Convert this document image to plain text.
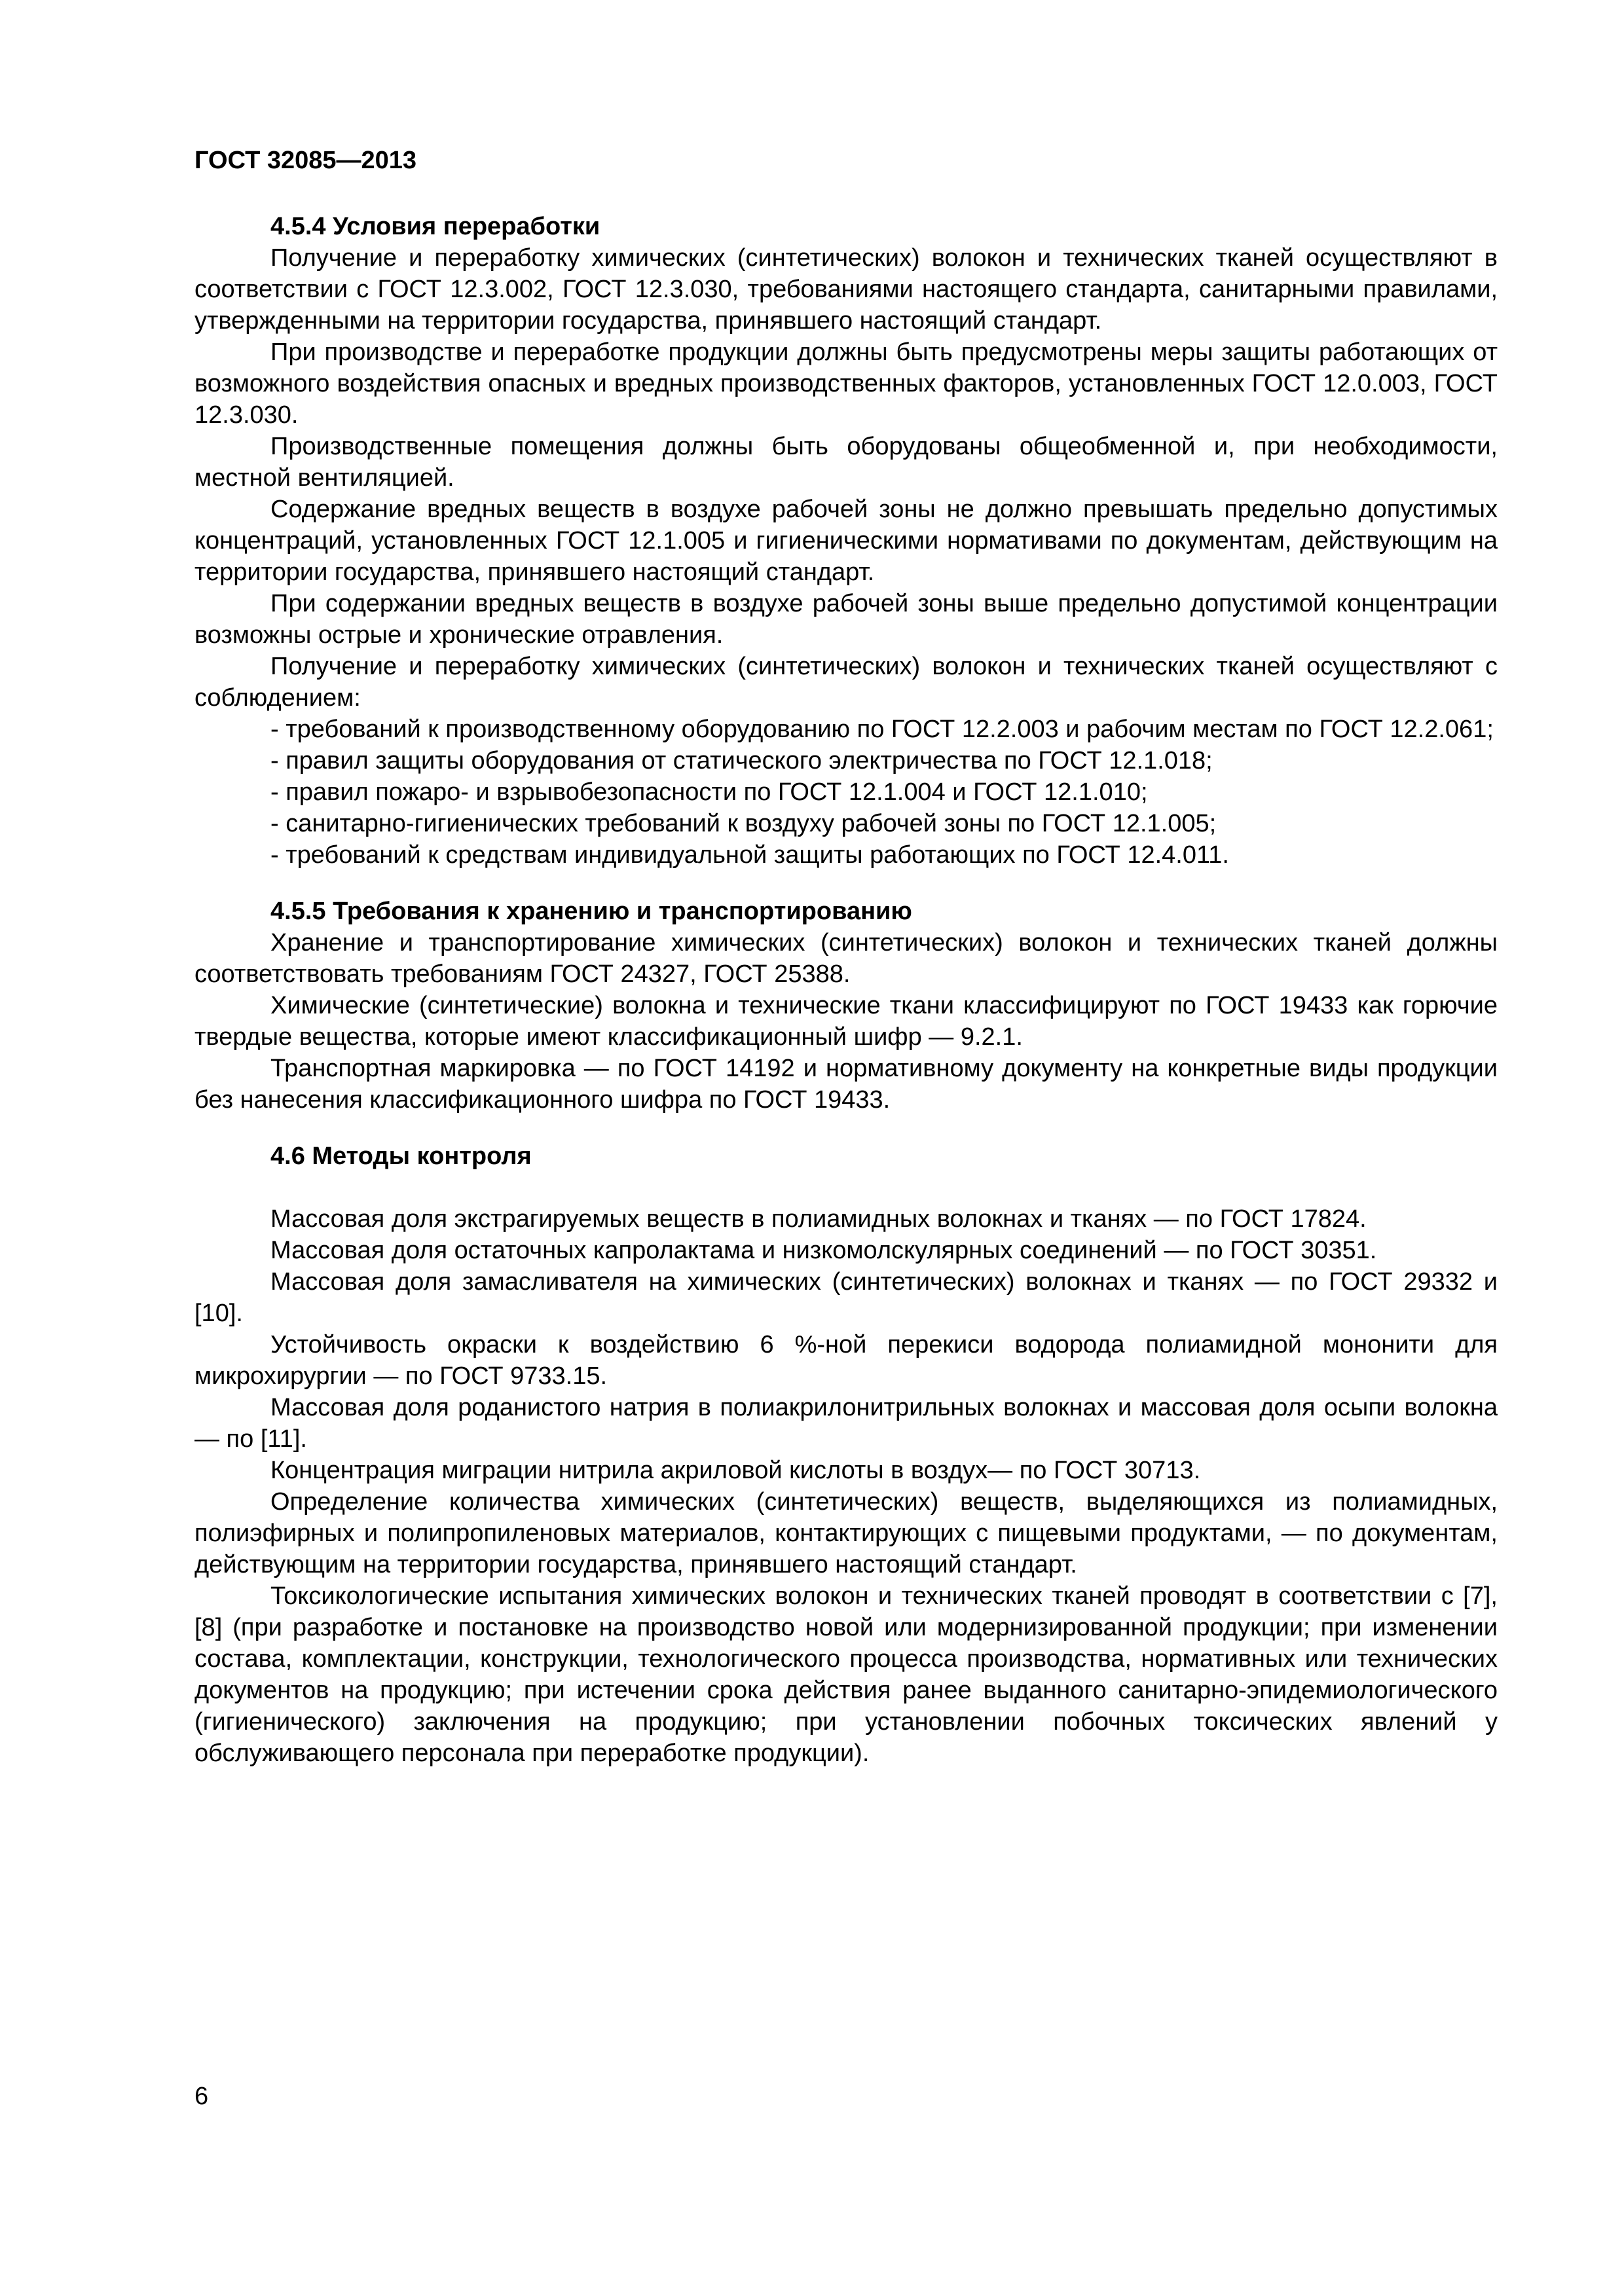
ГОСТ 32085—2013
4.5.4 Условия переработки

Получение и переработку химических (синтетических) волокон и технических тканей осуществляют в соответствии с ГОСТ 12.3.002, ГОСТ 12.3.030, требованиями настоящего стандарта, санитарными правилами, утвержденными на территории государства, принявшего настоящий стандарт.

При производстве и переработке продукции должны быть предусмотрены меры защиты работающих от возможного воздействия опасных и вредных производственных факторов, установленных ГОСТ 12.0.003, ГОСТ 12.3.030.

Производственные помещения должны быть оборудованы общеобменной и, при необходимости, местной вентиляцией.

Содержание вредных веществ в воздухе рабочей зоны не должно превышать предельно допустимых концентраций, установленных ГОСТ 12.1.005 и гигиеническими нормативами по документам, действующим на территории государства, принявшего настоящий стандарт.

При содержании вредных веществ в воздухе рабочей зоны выше предельно допустимой концентрации возможны острые и хронические отравления.

Получение и переработку химических (синтетических) волокон и технических тканей осуществляют с соблюдением:

- требований к производственному оборудованию по ГОСТ 12.2.003 и рабочим местам по ГОСТ 12.2.061;

- правил защиты оборудования от статического электричества по ГОСТ 12.1.018;

- правил пожаро- и взрывобезопасности по ГОСТ 12.1.004 и ГОСТ 12.1.010;

- санитарно-гигиенических требований к воздуху рабочей зоны по ГОСТ 12.1.005;

- требований к средствам индивидуальной защиты работающих по ГОСТ 12.4.011.

4.5.5 Требования к хранению и транспортированию

Хранение и транспортирование химических (синтетических) волокон и технических тканей должны соответствовать требованиям ГОСТ 24327, ГОСТ 25388.

Химические (синтетические) волокна и технические ткани классифицируют по ГОСТ 19433 как горючие твердые вещества, которые имеют классификационный шифр — 9.2.1.

Транспортная маркировка — по ГОСТ 14192 и нормативному документу на конкретные виды продукции без нанесения классификационного шифра по ГОСТ 19433.

4.6 Методы контроля

Массовая доля экстрагируемых веществ в полиамидных волокнах и тканях — по ГОСТ 17824.

Массовая доля остаточных капролактама и низкомолскулярных соединений — по ГОСТ 30351.

Массовая доля замасливателя на химических (синтетических) волокнах и тканях — по ГОСТ 29332 и [10].

Устойчивость окраски к воздействию 6 %-ной перекиси водорода полиамидной мононити для микрохирургии — по ГОСТ 9733.15.

Массовая доля роданистого натрия в полиакрилонитрильных волокнах и массовая доля осыпи волокна — по [11].

Концентрация миграции нитрила акриловой кислоты в воздух— по ГОСТ 30713.

Определение количества химических (синтетических) веществ, выделяющихся из полиамидных, полиэфирных и полипропиленовых материалов, контактирующих с пищевыми продуктами, — по документам, действующим на территории государства, принявшего настоящий стандарт.

Токсикологические испытания химических волокон и технических тканей проводят в соответствии с [7], [8] (при разработке и постановке на производство новой или модернизированной продукции; при изменении состава, комплектации, конструкции, технологического процесса производства, нормативных или технических документов на продукцию; при истечении срока действия ранее выданного санитарно-эпидемиологического (гигиенического) заключения на продукцию; при установлении побочных токсических явлений у обслуживающего персонала при переработке продукции).

6
